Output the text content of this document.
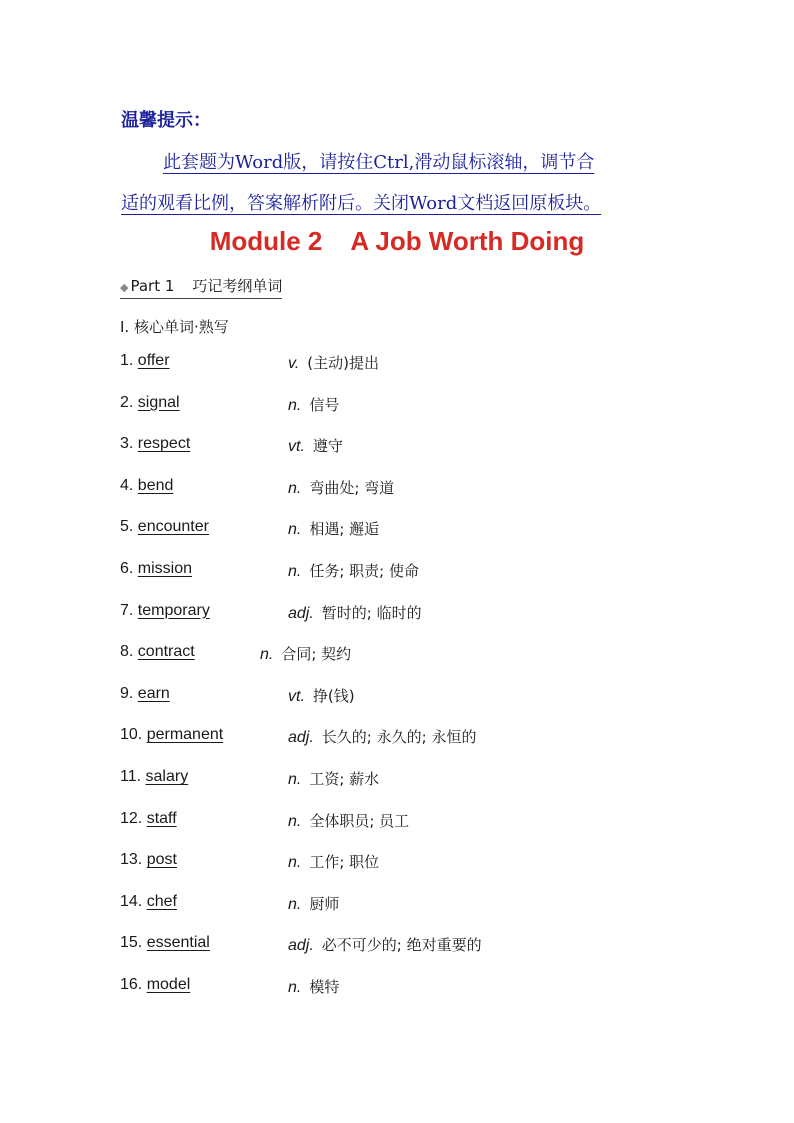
温馨提示：
此套题为Word版，请按住Ctrl,滑动鼠标滚轴，调节合
适的观看比例，答案解析附后。关闭Word文档返回原板块。
Module 2    A Job Worth Doing
◆ Part 1 巧记考纲单词
Ⅰ. 核心单词·熟写
1. offer	v. (主动)提出
2. signal	n. 信号
3. respect	vt. 遵守
4. bend	n. 弯曲处; 弯道
5. encounter	n. 相遇; 邂逅
6. mission	n. 任务; 职责; 使命
7. temporary	adj. 暂时的; 临时的
8. contract	n. 合同; 契约
9. earn	vt. 挣(钱)
10. permanent	adj. 长久的; 永久的; 永恒的
11. salary	n. 工资; 薪水
12. staff	n. 全体职员; 员工
13. post	n. 工作; 职位
14. chef	n. 厨师
15. essential	adj. 必不可少的; 绝对重要的
16. model	n. 模特
